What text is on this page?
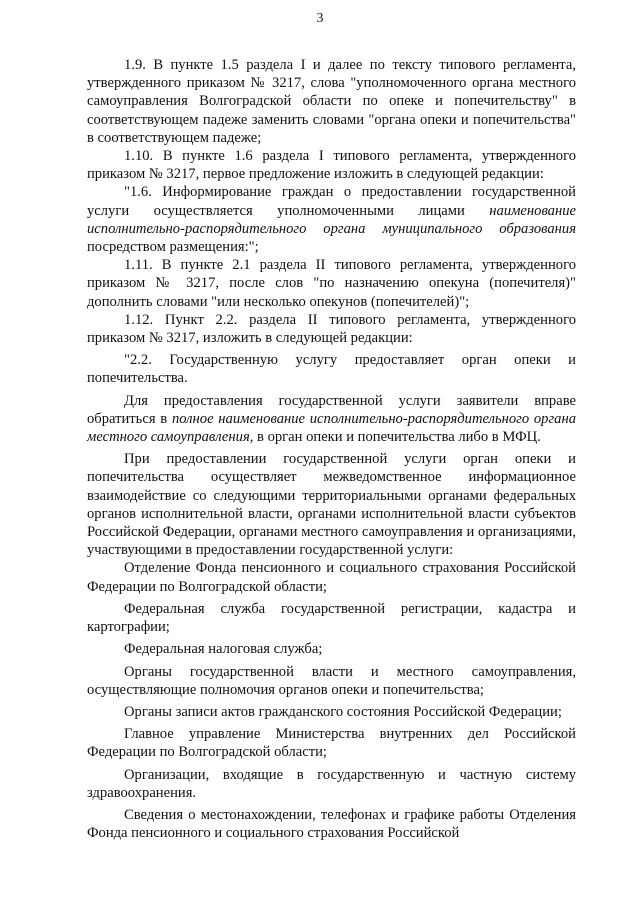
3

1.9. В пункте 1.5 раздела I и далее по тексту типового регламента, утвержденного приказом № 3217, слова "уполномоченного органа местного самоуправления Волгоградской области по опеке и попечительству" в соответствующем падеже заменить словами "органа опеки и попечительства" в соответствующем падеже;

1.10. В пункте 1.6 раздела I типового регламента, утвержденного приказом № 3217, первое предложение изложить в следующей редакции:

"1.6. Информирование граждан о предоставлении государственной услуги осуществляется уполномоченными лицами наименование исполнительно-распорядительного органа муниципального образования посредством размещения:";

1.11. В пункте 2.1 раздела II типового регламента, утвержденного приказом № 3217, после слов "по назначению опекуна (попечителя)" дополнить словами "или несколько опекунов (попечителей)";

1.12. Пункт 2.2. раздела II типового регламента, утвержденного приказом № 3217, изложить в следующей редакции:

"2.2. Государственную услугу предоставляет орган опеки и попечительства.

Для предоставления государственной услуги заявители вправе обратиться в полное наименование исполнительно-распорядительного органа местного самоуправления, в орган опеки и попечительства либо в МФЦ.

При предоставлении государственной услуги орган опеки и попечительства осуществляет межведомственное информационное взаимодействие со следующими территориальными органами федеральных органов исполнительной власти, органами исполнительной власти субъектов Российской Федерации, органами местного самоуправления и организациями, участвующими в предоставлении государственной услуги:

Отделение Фонда пенсионного и социального страхования Российской Федерации по Волгоградской области;

Федеральная служба государственной регистрации, кадастра и картографии;

Федеральная налоговая служба;

Органы государственной власти и местного самоуправления, осуществляющие полномочия органов опеки и попечительства;

Органы записи актов гражданского состояния Российской Федерации;

Главное управление Министерства внутренних дел Российской Федерации по Волгоградской области;

Организации, входящие в государственную и частную систему здравоохранения.

Сведения о местонахождении, телефонах и графике работы Отделения Фонда пенсионного и социального страхования Российской
